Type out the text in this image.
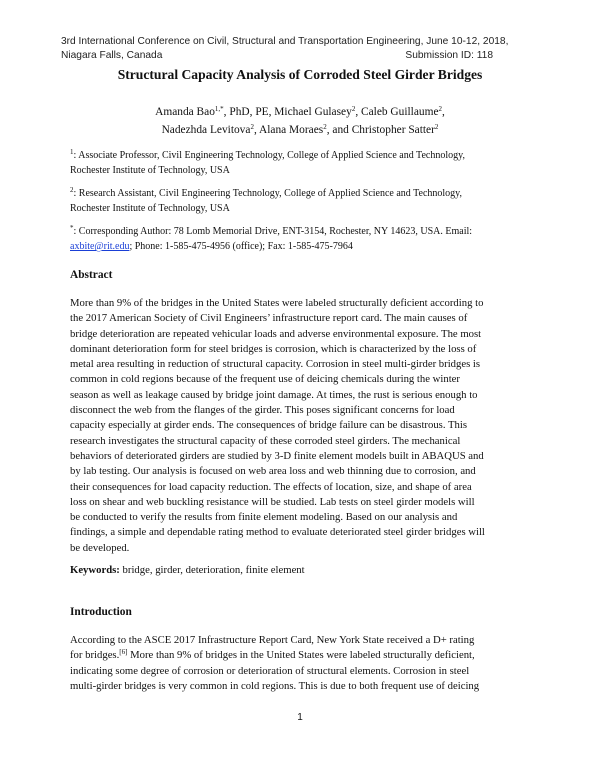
3rd International Conference on Civil, Structural and Transportation Engineering, June 10-12, 2018,
Niagara Falls, Canada	Submission ID: 118
Structural Capacity Analysis of Corroded Steel Girder Bridges
Amanda Bao$^{1,*}$, PhD, PE, Michael Gulasey$^2$, Caleb Guillaume$^2$,
Nadezhda Levitova$^2$, Alana Moraes$^2$, and Christopher Satter$^2$
$^1$: Associate Professor, Civil Engineering Technology, College of Applied Science and Technology,
Rochester Institute of Technology, USA
$^2$: Research Assistant, Civil Engineering Technology, College of Applied Science and Technology,
Rochester Institute of Technology, USA
*: Corresponding Author: 78 Lomb Memorial Drive, ENT-3154, Rochester, NY 14623, USA. Email:
axbite@rit.edu; Phone: 1-585-475-4956 (office); Fax: 1-585-475-7964
Abstract
More than 9% of the bridges in the United States were labeled structurally deficient according to
the 2017 American Society of Civil Engineers’ infrastructure report card. The main causes of
bridge deterioration are repeated vehicular loads and adverse environmental exposure. The most
dominant deterioration form for steel bridges is corrosion, which is characterized by the loss of
metal area resulting in reduction of structural capacity. Corrosion in steel multi-girder bridges is
common in cold regions because of the frequent use of deicing chemicals during the winter
season as well as leakage caused by bridge joint damage. At times, the rust is serious enough to
disconnect the web from the flanges of the girder. This poses significant concerns for load
capacity especially at girder ends. The consequences of bridge failure can be disastrous. This
research investigates the structural capacity of these corroded steel girders. The mechanical
behaviors of deteriorated girders are studied by 3-D finite element models built in ABAQUS and
by lab testing. Our analysis is focused on web area loss and web thinning due to corrosion, and
their consequences for load capacity reduction. The effects of location, size, and shape of area
loss on shear and web buckling resistance will be studied. Lab tests on steel girder models will
be conducted to verify the results from finite element modeling. Based on our analysis and
findings, a simple and dependable rating method to evaluate deteriorated steel girder bridges will
be developed.
Keywords: bridge, girder, deterioration, finite element
Introduction
According to the ASCE 2017 Infrastructure Report Card, New York State received a D+ rating
for bridges.[6] More than 9% of bridges in the United States were labeled structurally deficient,
indicating some degree of corrosion or deterioration of structural elements. Corrosion in steel
multi-girder bridges is very common in cold regions. This is due to both frequent use of deicing
1
